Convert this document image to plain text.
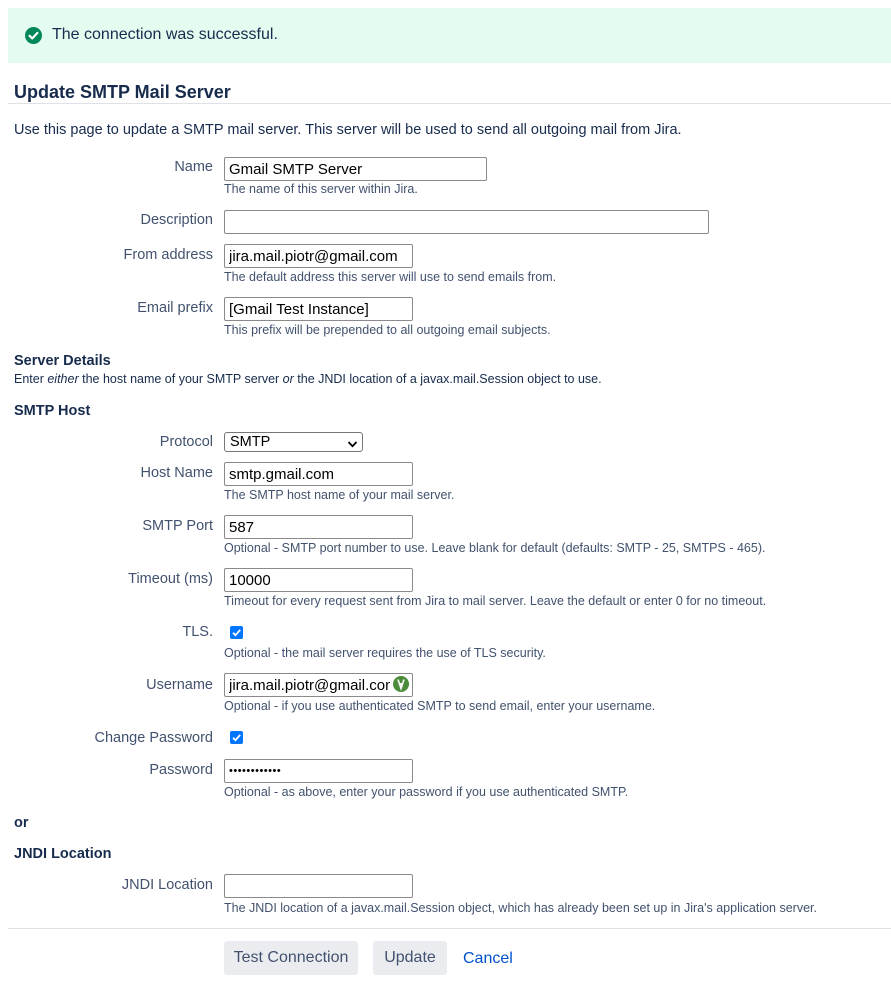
The connection was successful.
Update SMTP Mail Server
Use this page to update a SMTP mail server. This server will be used to send all outgoing mail from Jira.
Name
Gmail SMTP Server
The name of this server within Jira.
Description
From address
jira.mail.piotr@gmail.com
The default address this server will use to send emails from.
Email prefix
[Gmail Test Instance]
This prefix will be prepended to all outgoing email subjects.
Server Details
Enter either the host name of your SMTP server or the JNDI location of a javax.mail.Session object to use.
SMTP Host
Protocol SMTP
Host Name
smtp.gmail.com
The SMTP host name of your mail server.
SMTP Port
587
Optional - SMTP port number to use. Leave blank for default (defaults: SMTP - 25, SMTPS - 465).
Timeout (ms)
10000
Timeout for every request sent from Jira to mail server. Leave the default or enter 0 for no timeout.
TLS.
Optional - the mail server requires the use of TLS security.
Username
jira.mail.piotr@gmail.com
Optional - if you use authenticated SMTP to send email, enter your username.
Change Password
Password
••••••••••••
Optional - as above, enter your password if you use authenticated SMTP.
or
JNDI Location
JNDI Location
The JNDI location of a javax.mail.Session object, which has already been set up in Jira's application server.
Test Connection	Update	Cancel
